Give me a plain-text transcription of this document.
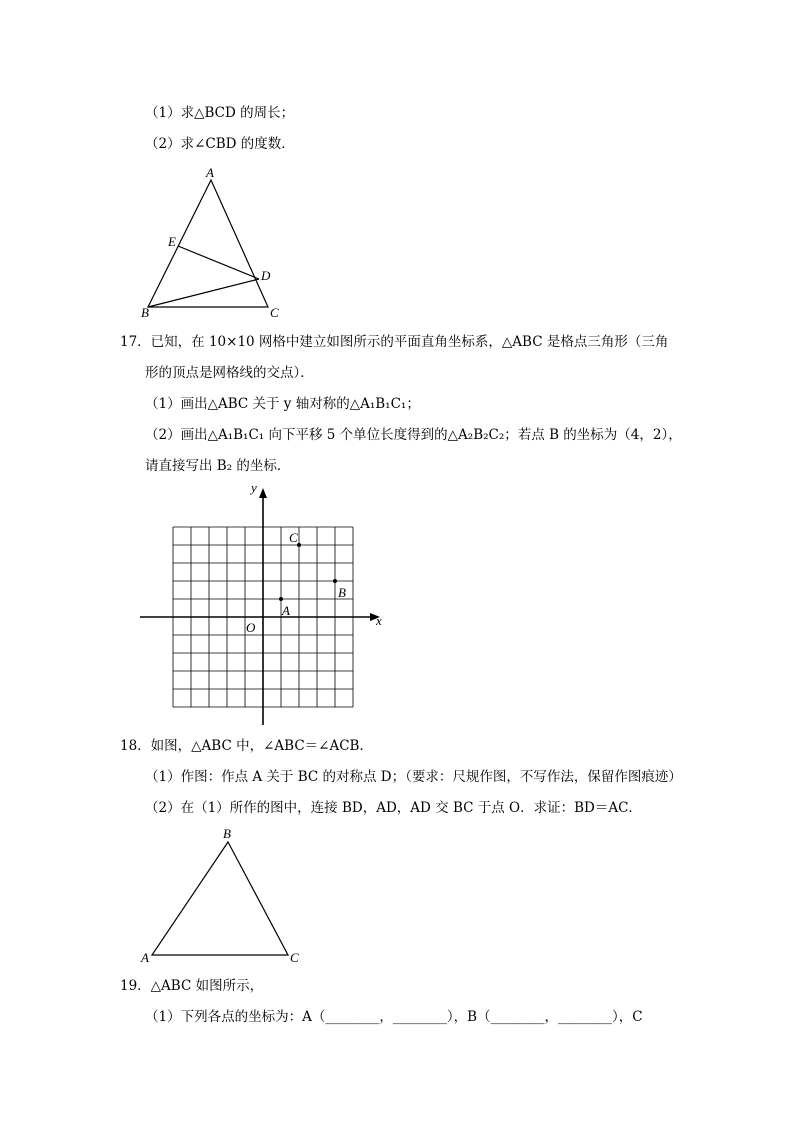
（1）求△BCD 的周长；
（2）求∠CBD 的度数．
A
E
D
B	C
17．已知，在 10×10 网格中建立如图所示的平面直角坐标系，△ABC 是格点三角形（三角
形的顶点是网格线的交点）．
（1）画出△ABC 关于 y 轴对称的△A₁B₁C₁；
（2）画出△A₁B₁C₁ 向下平移 5 个单位长度得到的△A₂B₂C₂；若点 B 的坐标为（4，2），
请直接写出 B₂ 的坐标．
y
x
O
A
B
C
18．如图，△ABC 中，∠ABC＝∠ACB．
（1）作图：作点 A 关于 BC 的对称点 D；（要求：尺规作图，不写作法，保留作图痕迹）
（2）在（1）所作的图中，连接 BD，AD，AD 交 BC 于点 O．求证：BD＝AC．
B
A	C
19．△ABC 如图所示，
（1）下列各点的坐标为：A（________，________），B（________，________），C
